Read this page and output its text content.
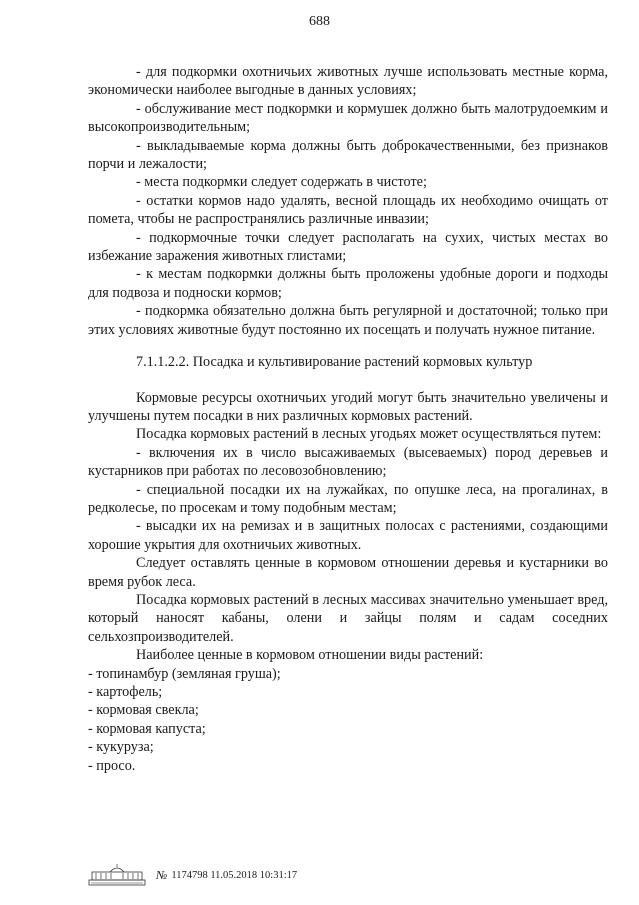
688

- для подкормки охотничьих животных лучше использовать местные корма, экономически наиболее выгодные в данных условиях;

- обслуживание мест подкормки и кормушек должно быть малотрудоемким и высокопроизводительным;

- выкладываемые корма должны быть доброкачественными, без признаков порчи и лежалости;

- места подкормки следует содержать в чистоте;

- остатки кормов надо удалять, весной площадь их необходимо очищать от помета, чтобы не распространялись различные инвазии;

- подкормочные точки следует располагать на сухих, чистых местах во избежание заражения животных глистами;

- к местам подкормки должны быть проложены удобные дороги и подходы для подвоза и подноски кормов;

- подкормка обязательно должна быть регулярной и достаточной; только при этих условиях животные будут постоянно их посещать и получать нужное питание.

7.1.1.2.2. Посадка и культивирование растений кормовых культур

Кормовые ресурсы охотничьих угодий могут быть значительно увеличены и улучшены путем посадки в них различных кормовых растений.

Посадка кормовых растений в лесных угодьях может осуществляться путем:

- включения их в число высаживаемых (высеваемых) пород деревьев и кустарников при работах по лесовозобновлению;

- специальной посадки их на лужайках, по опушке леса, на прогалинах, в редколесье, по просекам и тому подобным местам;

- высадки их на ремизах и в защитных полосах с растениями, создающими хорошие укрытия для охотничьих животных.

Следует оставлять ценные в кормовом отношении деревья и кустарники во время рубок леса.

Посадка кормовых растений в лесных массивах значительно уменьшает вред, который наносят кабаны, олени и зайцы полям и садам соседних сельхозпроизводителей.

Наиболее ценные в кормовом отношении виды растений:

- топинамбур (земляная груша);

- картофель;

- кормовая свекла;

- кормовая капуста;

- кукуруза;

- просо.

№ 1174798 11.05.2018 10:31:17
